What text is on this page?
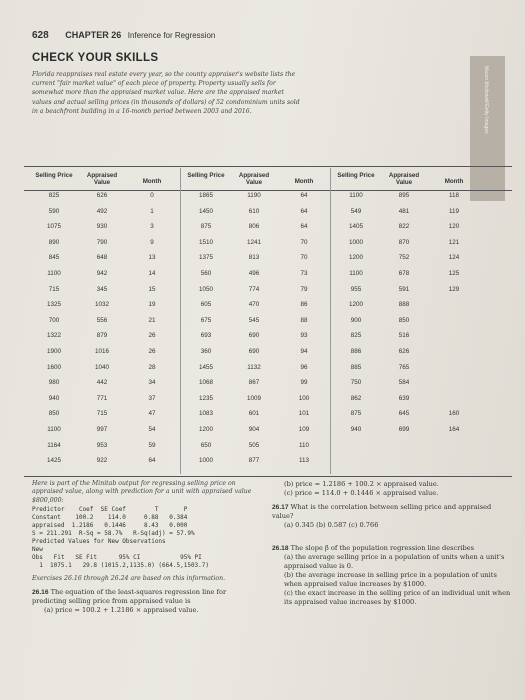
628 CHAPTER 26 Inference for Regression
CHECK YOUR SKILLS
Florida reappraises real estate every year, so the county appraiser's website lists the current "fair market value" of each piece of property. Property usually sells for somewhat more than the appraised market value. Here are the appraised market values and actual selling prices (in thousands of dollars) of 52 condominium units sold in a beachfront building in a 16-month period between 2003 and 2016.	Mauro Mcdowell/Getty Images
Selling Price
825
590
1075
890
845
1100
715
1325
700
1322
1900
1600
980
940
850
1100
1164
1425
Appraised Value
626
492
930
790
648
942
345
1032
556
879
1016
1040
442
771
715
997
953
922
Month
0
1
3
9
13
14
15
19
21
26
26
28
34
37
47
54
59
64
Selling Price
1865
1450
875
1510
1375
560
1050
605
675
693
360
1455
1068
1235
1083
1200
650
1000
Appraised Value
1190
610
806
1241
813
496
774
470
545
690
690
1132
867
1009
601
904
505
877
Month
64
64
64
70
70
73
79
86
88
93
94
96
99
100
101
109
110
113
Selling Price
1100
549
1405
1000
1200
1100
955
1200
900
825
886
885
750
862
875
940
Appraised Value
895
481
822
870
752
678
591
888
850
516
626
765
584
639
645
699
Month
118
119
120
121
124
125
129
160
164
Here is part of the Minitab output for regressing selling price on appraised value, along with prediction for a unit with appraised value $800,000:
Predictor    Coef  SE Coef        T       P
Constant    100.2    114.0     0.88   0.384
appraised  1.2186   0.1446     8.43   0.000
S = 211.291  R-Sq = 58.7%   R-Sq(adj) = 57.9%
Predicted Values for New Observations
New
Obs   Fit   SE Fit      95% CI           95% PI
1  1075.1   29.8 (1015.2,1135.0) (664.5,1503.7)
Exercises 26.16 through 26.24 are based on this information.
26.16 The equation of the least-squares regression line for predicting selling price from appraised value is
(a) price = 100.2 + 1.2186 × appraised value.
(b) price = 1.2186 + 100.2 × appraised value.
(c) price = 114.0 + 0.1446 × appraised value.
26.17 What is the correlation between selling price and appraised value?
(a) 0.345 (b) 0.587 (c) 0.766
26.18 The slope β of the population regression line describes

(a) the average selling price in a population of units when a unit's appraised value is 0.
(b) the average increase in selling price in a population of units when appraised value increases by $1000.
(c) the exact increase in the selling price of an individual unit when its appraised value increases by $1000.
